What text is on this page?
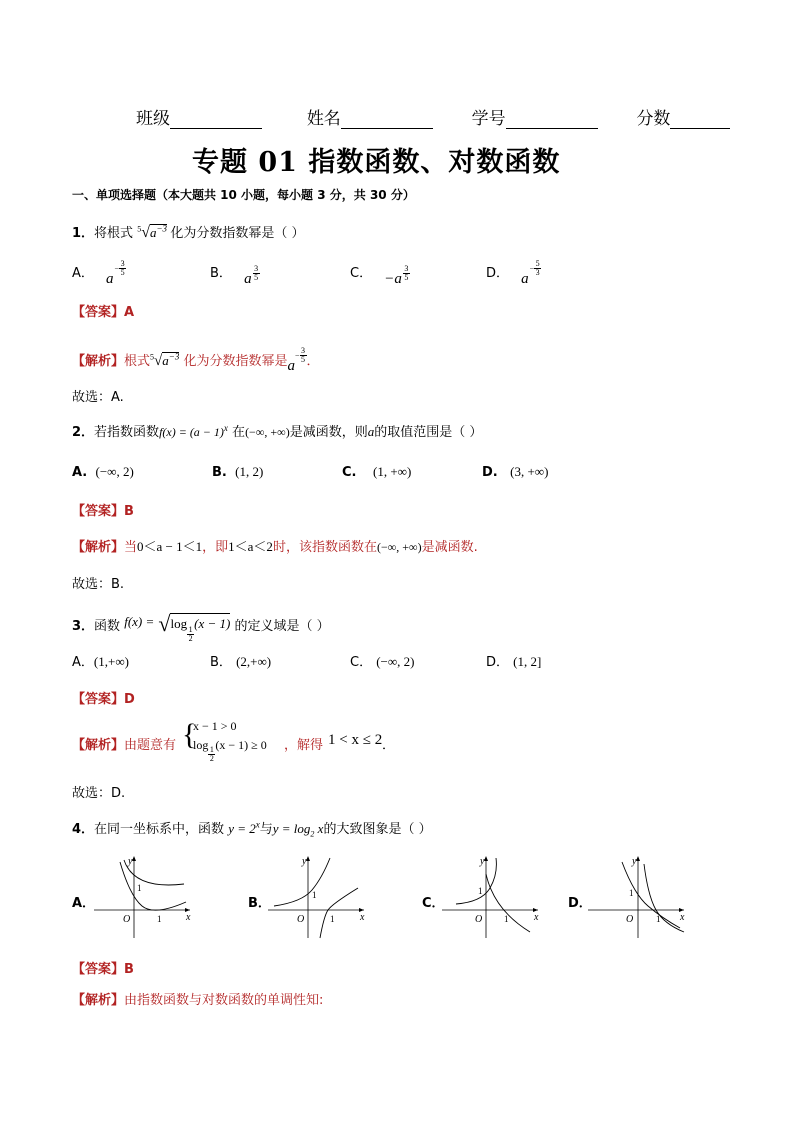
班级	姓名	学号	分数
专题 01 指数函数、对数函数
一、单项选择题（本大题共 10 小题，每小题 3 分，共 30 分）
1．将根式 $^5√a^{-3}$ 化为分数指数幂是（ ）
A． $a- \frac{3}{5}$	B． a $\frac{3}{5}$	C． $-a \frac{3}{5}$	D． $a- \frac{5}{3}$
【答案】A
【解析】根式$^5√a^{-3}$ 化为分数指数幂是$a- \frac{3}{5}$ ．
故选：A.
2．若指数函数$f(x) = (a - 1)^x$ 在(−∞, +∞)是减函数，则a的取值范围是（ ）
A. (−∞, 2)	B. (1, 2)	C. (1, +∞)	D. (3, +∞)
【答案】B
【解析】当0＜a − 1＜1，即1＜a＜2时，该指数函数在(−∞, +∞)是减函数.
故选：B.
3．函数 f(x) = √log
$\frac{1}{2}$
(x − 1) 的定义域是（ ）
A．(1,+∞)	B． (2,+∞)	C． (−∞, 2)	D． (1, 2]
【答案】D
【解析】 由题意有 {
x − 1 > 0
log
$\frac{1}{2}$
(x − 1) ≥ 0 ，解得 1 < x ≤ 2 ．
故选：D.
4．在同一坐标系中，函数 $y = 2^x$与$y = \log_2 x$的大致图象是（ ）
A．	B．	C．	D．
x
y
O
1
1	x
y
O
1
1	x
y
O
1
1	x
y
O
1
1
【答案】B
【解析】由指数函数与对数函数的单调性知:
